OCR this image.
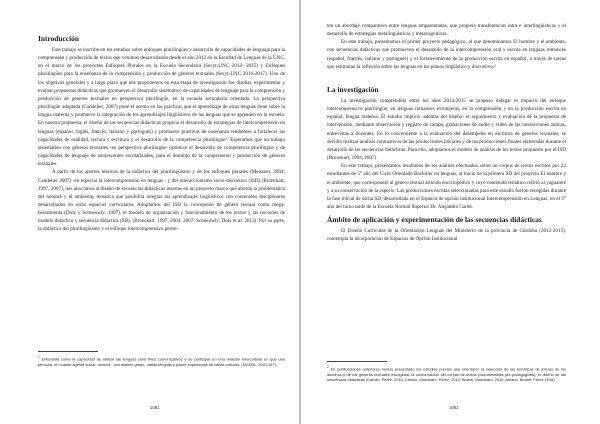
Introducción

Este trabajo se inscribe en los estudios sobre enfoques plurilingües y desarrollo de capacidades de lenguaje para la comprensión y producción de textos que venimos desarrollando desde el año 2012 en la Facultad de Lenguas de la UNC, en el marco de los proyectos Enfoques Plurales en la Escuela Secundaria (Secyt-UNC 2012- 2015) y Enfoques plurilingües para la enseñanza de la comprensión y producción de géneros textuales (Secyt-UNC 2016-2017). Uno de los objetivos generales y a largo plazo que nos proponemos en esta etapa de investigación fue diseñar, experimentar y evaluar propuestas didácticas que promueven el desarrollo sistemático de capacidades de lenguaje para la comprensión y producción de géneros textuales en perspectiva plurilingüe, en la escuela secundaria orientada. La perspectiva plurilingüe adoptada (Candelier, 2007) pone el acento en las prácticas que el aprendizaje de otras lenguas tiene sobre la lengua materna y promueve la integración de los aprendizajes lingüísticos de las lenguas que se aprenden en la escuela. En nuestra propuesta, el diseño de las secuencias didácticas propicia el desarrollo de estrategias de intercomprensión en lenguas (español, inglés, francés, italiano y portugués) y promueve prácticas de enseñanza tendientes a fortalecer las capacidades de oralidad, lectura y escritura y el desarrollo de la competencia plurilingüe¹. Esperamos que un trabajo sistemático con géneros textuales -en perspectiva plurilingüe- optimice el desarrollo de competencia plurilingüe y de capacidades de lenguaje de adolescentes escolarizados, para el dominio de la comprensión y producción de géneros textuales.

A partir de los aportes teóricos de la didáctica del plurilingüismo y de los enfoques plurales (Meissner, 2004; Candelier 2007) -en especial la intercomprensión en lenguas - y del interaccionismo socio-discursivo (ISD) (Bronckart, 1997, 2007), nos abocamos al diseño de secuencias didácticas insertas en un proyecto marco que aborda la problemática del hombre y el ambiente, temática que posibilita integrar los aprendizajes lingüísticos con contenidos disciplinares desarrollados en otros espacios curriculares. Adoptamos del ISD la concepción de género textual como mega-herramienta (Dolz y Schneuwly, 1997), el modelo de organización y funcionamiento de los textos y las nociones de modelo didáctico y secuencia didáctica (SD), (Bronckart, 1997, 2004, 2007; Schneuwly; Dolz et al. 2013). Por su parte, la didáctica del plurilingüismo y el enfoque intercomprensivo permi-

$^1$ Entendida como la capacidad de utilizar las lenguas para fines comunicativos y de participar en una relación intercultural en que una persona, en cuanto agente social, domina - con distinto grado- varias lenguas y posee experiencia de varias culturas. (MCERL, 2001:167).

1081

ten un abordaje comparativo entre lenguas emparentadas, que propicia transferencias intra e interlingüísticas y el desarrollo de estrategias metalingüísticas y metacognitivas.

En este trabajo, presentamos el primer proyecto pedagógico, al que denominamos El hombre y el ambiente, con secuencias didácticas que promueven el desarrollo de la intercomprensión oral y escrita en lenguas romances (español, francés, italiano y portugués) y el fortalecimiento de la producción escrita en español, a través de tareas que estimulan la reflexión sobre las lenguas en los planos lingüístico y discursivo.²

La investigación

La investigación comprendida entre los años 2014-2015 se propuso indagar el impacto del enfoque intercomprensivo plurilingüe, en lenguas romances extranjeras, en la comprensión y en la producción escrita en español, lengua materna. El estudio implicó -además del diseño- el seguimiento y evaluación de la propuesta de intervención, mediante observación y registro de campo, grabaciones de audio y video de las interacciones áulicas, entrevistas a docentes. En lo concerniente a la evaluación del desempeño en escritura de géneros textuales, se decidió realizar análisis contrastivos de las producciones iniciales y de las producciones finales elaboradas durante el desarrollo de las secuencias didácticas. Para ello, adoptamos el modelo de análisis de los textos propuesto por el ISD (Bronckart, 1994, 2007).

En este trabajo, presentamos resultados de los análisis efectuados sobre un corpus de textos escritos por 22 estudiantes de 5° año del Ciclo Orientado Bachiller en lenguas, al inicio de la primera SD del proyecto El hombre y el ambiente, que correspondió al género textual artículo enciclopédico y cuyo contenido temático refirió al yaguareté y a su conservación de la especie. Las producciones escritas seleccionadas para este estudio fueron recogidas durante la fase inicial de dicha SD, desarrollada en el Espacio de opción institucional Intercomprensión en Lenguas, en el 5° año del turno tarde de la Escuela Normal Superior Dr. Alejandro Carbó.

Ámbito de aplicación y experimentación de las secuencias didácticas

El Diseño Curricular de la Orientación Lenguas del Ministerio de la provincia de Córdoba (2012-2015), contempla la incorporación de Espacios de Opción Institucional

$^2$ En publicaciones anteriores hemos presentado los estudios previos que orientaron la selección de las temáticas de interés de los alumnos y de los géneros textuales escogidos; la conformación del corpus de textos (documentales pre-pedagógicos); el diseño de las secuencias didácticas (Carullo; Pérez, 2015; Carullo, Marchiaro, Pérez, 2013; Brunel, Marchiaro, 2015; Amado, Brunel, Pérez 2016).

1082
